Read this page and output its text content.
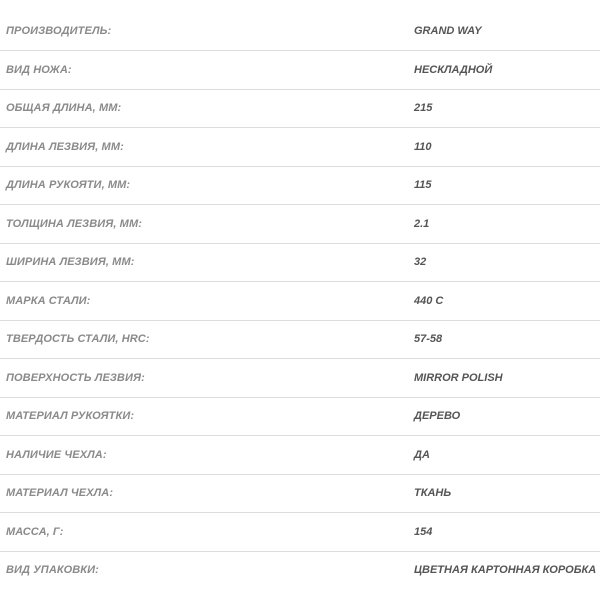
ПРОИЗВОДИТЕЛЬ:	GRAND WAY
ВИД НОЖА:	НЕСКЛАДНОЙ
ОБЩАЯ ДЛИНА, ММ:	215
ДЛИНА ЛЕЗВИЯ, ММ:	110
ДЛИНА РУКОЯТИ, ММ:	115
ТОЛЩИНА ЛЕЗВИЯ, ММ:	2.1
ШИРИНА ЛЕЗВИЯ, ММ:	32
МАРКА СТАЛИ:	440 C
ТВЕРДОСТЬ СТАЛИ, HRC:	57-58
ПОВЕРХНОСТЬ ЛЕЗВИЯ:	MIRROR POLISH
МАТЕРИАЛ РУКОЯТКИ:	ДЕРЕВО
НАЛИЧИЕ ЧЕХЛА:	ДА
МАТЕРИАЛ ЧЕХЛА:	ТКАНЬ
МАССА, Г:	154
ВИД УПАКОВКИ:	ЦВЕТНАЯ КАРТОННАЯ КОРОБКА
